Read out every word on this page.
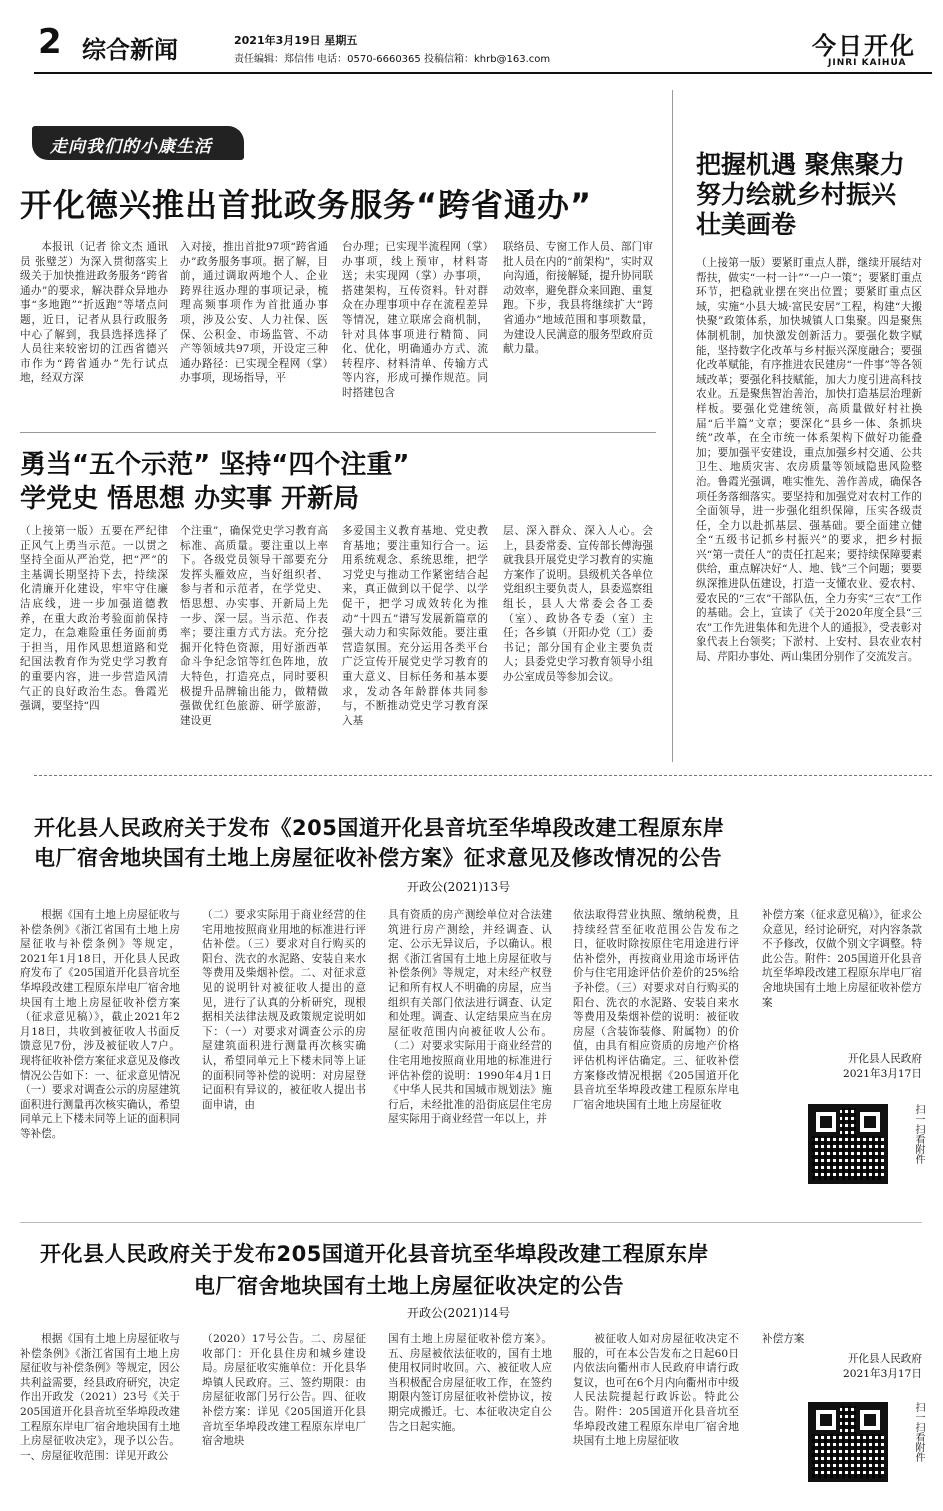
2 综合新闻	2021年3月19日 星期五
责任编辑：郑信伟 电话：0570-6660365 投稿信箱：khrb@163.com	今日开化
JINRI KAIHUA
走向我们的小康生活
开化德兴推出首批政务服务“跨省通办”

本报讯（记者 徐文杰 通讯员 张璧芝）为深入贯彻落实上级关于加快推进政务服务“跨省通办”的要求，解决群众异地办事“多地跑”“折返跑”等堵点问题，近日，记者从县行政服务中心了解到，我县选择选择了人员往来较密切的江西省德兴市作为“跨省通办”先行试点地，经双方深

入对接，推出首批97项“跨省通办”政务服务事项。据了解，目前，通过调取两地个人、企业跨界往返办理的事项记录，梳理高频事项作为首批通办事项，涉及公安、人力社保、医保、公积金、市场监管、不动产等领域共97项，开设定三种通办路径：已实现全程网（掌）办事项，现场指导，平

台办理；已实现半流程网（掌）办事项，线上预审，材料寄送；未实现网（掌）办事项，搭建架构，互传资料。针对群众在办理事项中存在流程差异等情况，建立联席会商机制，针对具体事项进行精简、同化、优化，明确通办方式、流转程序、材料清单、传输方式等内容，形成可操作规范。同时搭建包含

联络员、专窗工作人员、部门审批人员在内的“前架构”，实时双向沟通，衔接解疑，提升协同联动效率，避免群众来回跑、重复跑。下步，我县将继续扩大“跨省通办”地域范围和事项数量，为建设人民满意的服务型政府贡献力量。

勇当“五个示范” 坚持“四个注重”
学党史 悟思想 办实事 开新局

（上接第一版）五要在严纪律正风气上勇当示范。一以贯之坚持全面从严治党，把“严”的主基调长期坚持下去，持续深化清廉开化建设，牢牢守住廉洁底线，进一步加强道德教养，在重大政治考验面前保持定力，在急难险重任务面前勇于担当，用作风思想道路和党纪国法教育作为党史学习教育的重要内容，进一步营造风清气正的良好政治生态。鲁霞光强调，要坚持“四

个注重”，确保党史学习教育高标准、高质量。要注重以上率下。各级党员领导干部要充分发挥头雁效应，当好组织者、参与者和示范者，在学党史、悟思想、办实事、开新局上先一步、深一层。当示范、作表率；要注重方式方法。充分挖掘开化特色资源，用好浙西革命斗争纪念馆等红色阵地，放大特色，打造亮点，同时要积极提升品牌输出能力，做精做强做优红色旅游、研学旅游，建设更

多爱国主义教育基地、党史教育基地；要注重知行合一。运用系统观念、系统思维，把学习党史与推动工作紧密结合起来，真正做到以干促学、以学促干，把学习成效转化为推动“十四五”谱写发展新篇章的强大动力和实际效能。要注重营造氛围。充分运用各类平台广泛宣传开展党史学习教育的重大意义、目标任务和基本要求，发动各年龄群体共同参与，不断推动党史学习教育深入基

层、深入群众、深入人心。会上，县委常委、宣传部长傅海强就我县开展党史学习教育的实施方案作了说明。县级机关各单位党组织主要负责人，县委巡察组组长，县人大常委会各工委（室）、政协各专委（室）主任；各乡镇（开阳办党（工）委书记；部分国有企业主要负责人；县委党史学习教育领导小组办公室成员等参加会议。

把握机遇 聚焦聚力
努力绘就乡村振兴
壮美画卷

（上接第一版）要紧盯重点人群，继续开展结对帮扶，做实“一村一计”“一户一策”；要紧盯重点环节，把稳就业摆在突出位置；要紧盯重点区域，实施“小县大城·富民安居”工程，构建“大搬快聚”政策体系，加快城镇人口集聚。四是聚焦体制机制，加快激发创新活力。要强化数字赋能，坚持数字化改革与乡村振兴深度融合；要强化改革赋能，有序推进农民建房“一件事”等各领域改革；要强化科技赋能，加大力度引进高科技农业。五是聚焦智治善治，加快打造基层治理新样板。要强化党建统领，高质量做好村社换届“后半篇”文章；要深化“县乡一体、条抓块统”改革，在全市统一体系架构下做好功能叠加；要加强平安建设，重点加强乡村交通、公共卫生、地质灾害、农房质量等领域隐患风险整治。鲁霞光强调，唯实惟先、善作善成，确保各项任务落细落实。要坚持和加强党对农村工作的全面领导，进一步强化组织保障，压实各级责任，全力以赴抓基层、强基础。要全面建立健全“五级书记抓乡村振兴”的要求，把乡村振兴“第一责任人”的责任扛起来；要持续保障要素供给，重点解决好“人、地、钱”三个问题；要要纵深推进队伍建设，打造一支懂农业、爱农村、爱农民的“三农”干部队伍，全力夯实“三农”工作的基础。会上，宣读了《关于2020年度全县“三农”工作先进集体和先进个人的通报》，受表彰对象代表上台领奖；下淤村、上安村、县农业农村局、芹阳办事处、两山集团分别作了交流发言。

开化县人民政府关于发布《205国道开化县音坑至华埠段改建工程原东岸
电厂宿舍地块国有土地上房屋征收补偿方案》征求意见及修改情况的公告
开政公(2021)13号

根据《国有土地上房屋征收与补偿条例》《浙江省国有土地上房屋征收与补偿条例》等规定，2021年1月18日，开化县人民政府发布了《205国道开化县音坑至华埠段改建工程原东岸电厂宿舍地块国有土地上房屋征收补偿方案（征求意见稿）》，截止2021年2月18日，共收到被征收人书面反馈意见7份，涉及被征收人7户。现将征收补偿方案征求意见及修改情况公告如下：一、征求意见情况（一）要求对调查公示的房屋建筑面积进行测量再次核实确认，希望同单元上下楼未同等上证的面积同等补偿。

（二）要求实际用于商业经营的住宅用地按照商业用地的标准进行评估补偿。（三）要求对自行购买的阳台、洗衣的水泥路、安装自来水等费用及柴烟补偿。二、对征求意见的说明针对被征收人提出的意见，进行了认真的分析研究，现根据相关法律法规及政策规定说明如下：（一）对要求对调查公示的房屋建筑面积进行测量再次核实确认，希望同单元上下楼未同等上证的面积同等补偿的说明：对房屋登记面积有异议的，被征收人提出书面申请，由

具有资质的房产测绘单位对合法建筑进行房产测绘，并经调查、认定、公示无异议后，予以确认。根据《浙江省国有土地上房屋征收与补偿条例》等规定，对未经产权登记和所有权人不明确的房屋，应当组织有关部门依法进行调查、认定和处理。调查、认定结果应当在房屋征收范围内向被征收人公布。（二）对要求实际用于商业经营的住宅用地按照商业用地的标准进行评估补偿的说明：1990年4月1日《中华人民共和国城市规划法》施行后，未经批准的沿街底层住宅房屋实际用于商业经营一年以上，并

依法取得营业执照、缴纳税费，且持续经营至征收范围公告发布之日，征收时除按原住宅用途进行评估补偿外，再按商业用途市场评估价与住宅用途评估价差价的25%给予补偿。（三）对要求对自行购买的阳台、洗衣的水泥路、安装自来水等费用及柴烟补偿的说明：被征收房屋（含装饰装修、附属物）的价值，由具有相应资质的房地产价格评估机构评估确定。三、征收补偿方案修改情况根据《205国道开化县音坑至华埠段改建工程原东岸电厂宿舍地块国有土地上房屋征收

补偿方案（征求意见稿）》，征求公众意见，经讨论研究，对内容条款不予修改，仅做个别文字调整。特此公告。附件：205国道开化县音坑至华埠段改建工程原东岸电厂宿舍地块国有土地上房屋征收补偿方案

开化县人民政府
2021年3月17日
扫一扫看附件
开化县人民政府关于发布205国道开化县音坑至华埠段改建工程原东岸
电厂宿舍地块国有土地上房屋征收决定的公告
开政公(2021)14号

根据《国有土地上房屋征收与补偿条例》《浙江省国有土地上房屋征收与补偿条例》等规定，因公共利益需要，经县政府研究，决定作出开政发（2021）23号《关于205国道开化县音坑至华埠段改建工程原东岸电厂宿舍地块国有土地上房屋征收决定》，现予以公告。一、房屋征收范围：详见开政公

（2020）17号公告。二、房屋征收部门：开化县住房和城乡建设局。房屋征收实施单位：开化县华埠镇人民政府。三、签约期限：由房屋征收部门另行公告。四、征收补偿方案：详见《205国道开化县音坑至华埠段改建工程原东岸电厂宿舍地块

国有土地上房屋征收补偿方案》。五、房屋被依法征收的，国有土地使用权同时收回。六、被征收人应当积极配合房屋征收工作，在签约期限内签订房屋征收补偿协议，按期完成搬迁。七、本征收决定自公告之日起实施。

被征收人如对房屋征收决定不服的，可在本公告发布之日起60日内依法向衢州市人民政府申请行政复议，也可在6个月内向衢州市中级人民法院提起行政诉讼。特此公告。附件：205国道开化县音坑至华埠段改建工程原东岸电厂宿舍地块国有土地上房屋征收

补偿方案

开化县人民政府
2021年3月17日
扫一扫看附件
